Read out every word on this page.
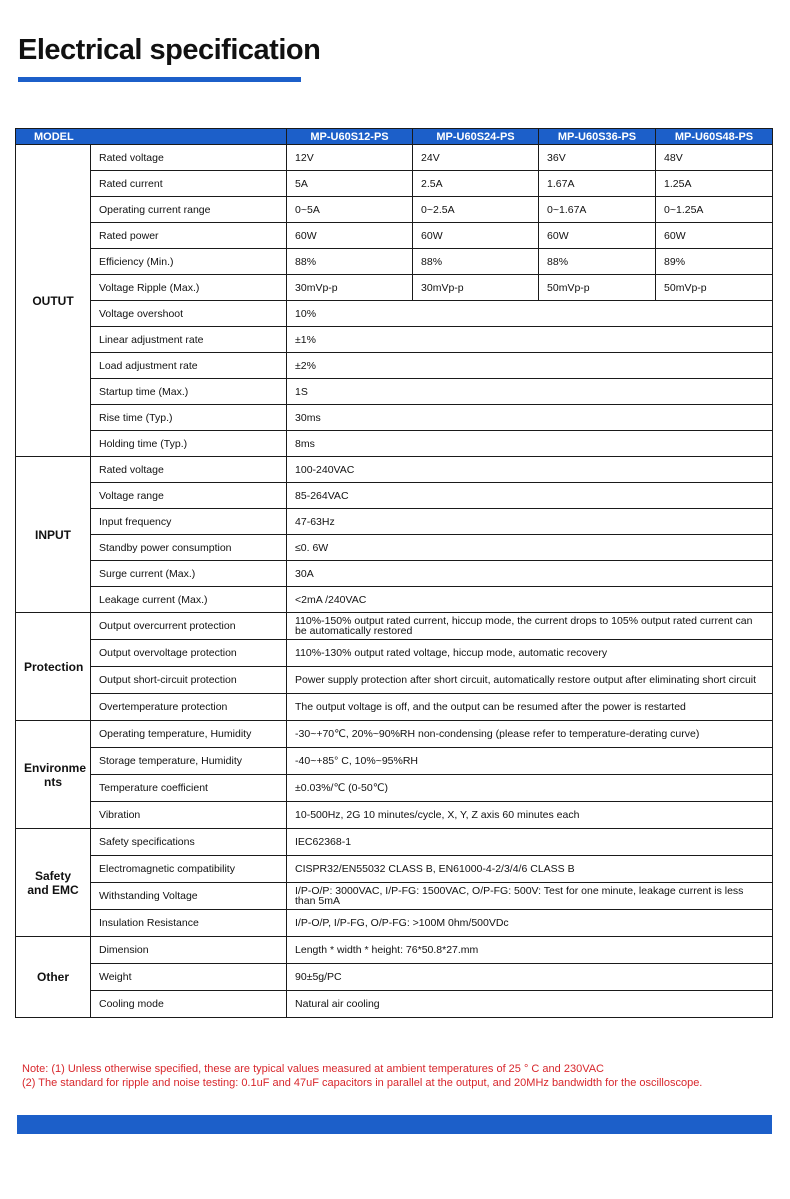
Electrical specification
MODEL		MP-U60S12-PS	MP-U60S24-PS	MP-U60S36-PS	MP-U60S48-PS
OUTUT	Rated voltage	12V	24V	36V	48V
	Rated current	5A	2.5A	1.67A	1.25A
	Operating current range	0~5A	0~2.5A	0~1.67A	0~1.25A
	Rated power	60W	60W	60W	60W
	Efficiency (Min.)	88%	88%	88%	89%
	Voltage Ripple (Max.)	30mVp-p	30mVp-p	50mVp-p	50mVp-p
	Voltage overshoot	10%			
	Linear adjustment rate	±1%			
	Load adjustment rate	±2%			
	Startup time (Max.)	1S			
	Rise time (Typ.)	30ms			
	Holding time (Typ.)	8ms			
INPUT	Rated voltage	100-240VAC			
	Voltage range	85-264VAC			
	Input frequency	47-63Hz			
	Standby power consumption	≤0. 6W			
	Surge current (Max.)	30A			
	Leakage current (Max.)	<2mA /240VAC			
Protection	Output overcurrent protection	110%-150% output rated current, hiccup mode, the current drops to 105% output rated current can be automatically restored			
	Output overvoltage protection	110%-130% output rated voltage, hiccup mode, automatic recovery			
	Output short-circuit protection	Power supply protection after short circuit, automatically restore output after eliminating short circuit			
	Overtemperature protection	The output voltage is off, and the output can be resumed after the power is restarted			
Environme nts	Operating temperature, Humidity	-30~+70℃, 20%~90%RH non-condensing (please refer to temperature-derating curve)			
	Storage temperature, Humidity	-40~+85° C, 10%~95%RH			
	Temperature coefficient	±0.03%/℃ (0-50℃)			
	Vibration	10-500Hz, 2G 10 minutes/cycle, X, Y, Z axis 60 minutes each			
Safety and EMC	Safety specifications	IEC62368-1			
	Electromagnetic compatibility	CISPR32/EN55032 CLASS B, EN61000-4-2/3/4/6 CLASS B			
	Withstanding Voltage	I/P-O/P: 3000VAC, I/P-FG: 1500VAC, O/P-FG: 500V: Test for one minute, leakage current is less than 5mA			
	Insulation Resistance	I/P-O/P, I/P-FG, O/P-FG: >100M 0hm/500VDc			
Other	Dimension	Length * width * height: 76*50.8*27.mm			
	Weight	90±5g/PC			
	Cooling mode	Natural air cooling			
Note: (1) Unless otherwise specified, these are typical values measured at ambient temperatures of 25 ° C and 230VAC
(2) The standard for ripple and noise testing: 0.1uF and 47uF capacitors in parallel at the output, and 20MHz bandwidth for the oscilloscope.
